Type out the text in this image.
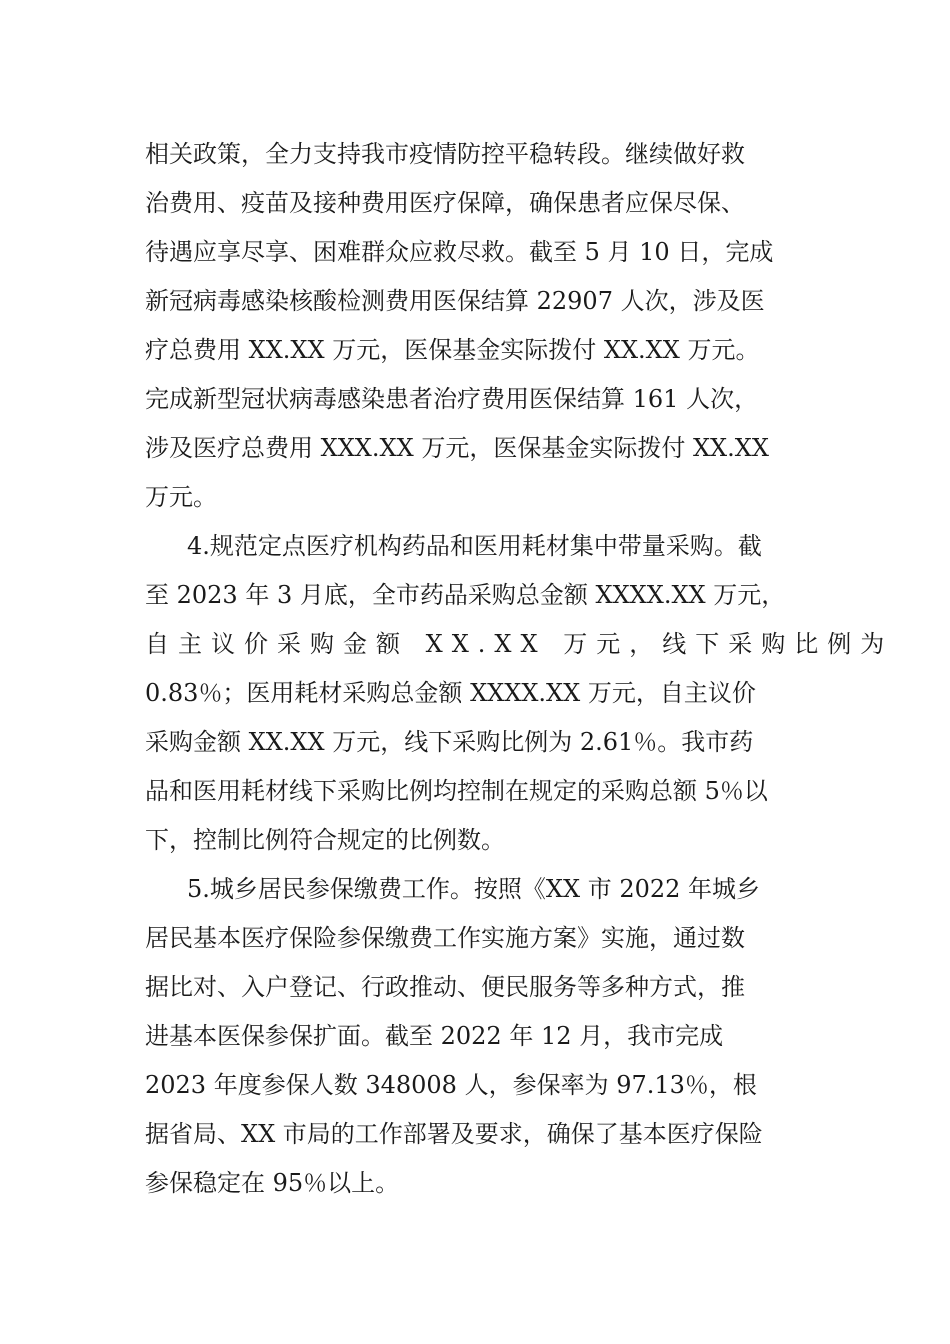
相关政策，全力支持我市疫情防控平稳转段。继续做好救
治费用、疫苗及接种费用医疗保障，确保患者应保尽保、
待遇应享尽享、困难群众应救尽救。截至 5 月 10 日，完成
新冠病毒感染核酸检测费用医保结算 22907 人次，涉及医
疗总费用 XX.XX 万元，医保基金实际拨付 XX.XX 万元。
完成新型冠状病毒感染患者治疗费用医保结算 161 人次，
涉及医疗总费用 XXX.XX 万元，医保基金实际拨付 XX.XX
万元。
4.规范定点医疗机构药品和医用耗材集中带量采购。截
至 2023 年 3 月底，全市药品采购总金额 XXXX.XX 万元，
自主议价采购金额 XX.XX 万元，线下采购比例为
0.83％；医用耗材采购总金额 XXXX.XX 万元，自主议价
采购金额 XX.XX 万元，线下采购比例为 2.61％。我市药
品和医用耗材线下采购比例均控制在规定的采购总额 5％以
下，控制比例符合规定的比例数。
5.城乡居民参保缴费工作。按照《XX 市 2022 年城乡
居民基本医疗保险参保缴费工作实施方案》实施，通过数
据比对、入户登记、行政推动、便民服务等多种方式，推
进基本医保参保扩面。截至 2022 年 12 月，我市完成
2023 年度参保人数 348008 人，参保率为 97.13％，根
据省局、XX 市局的工作部署及要求，确保了基本医疗保险
参保稳定在 95％以上。
